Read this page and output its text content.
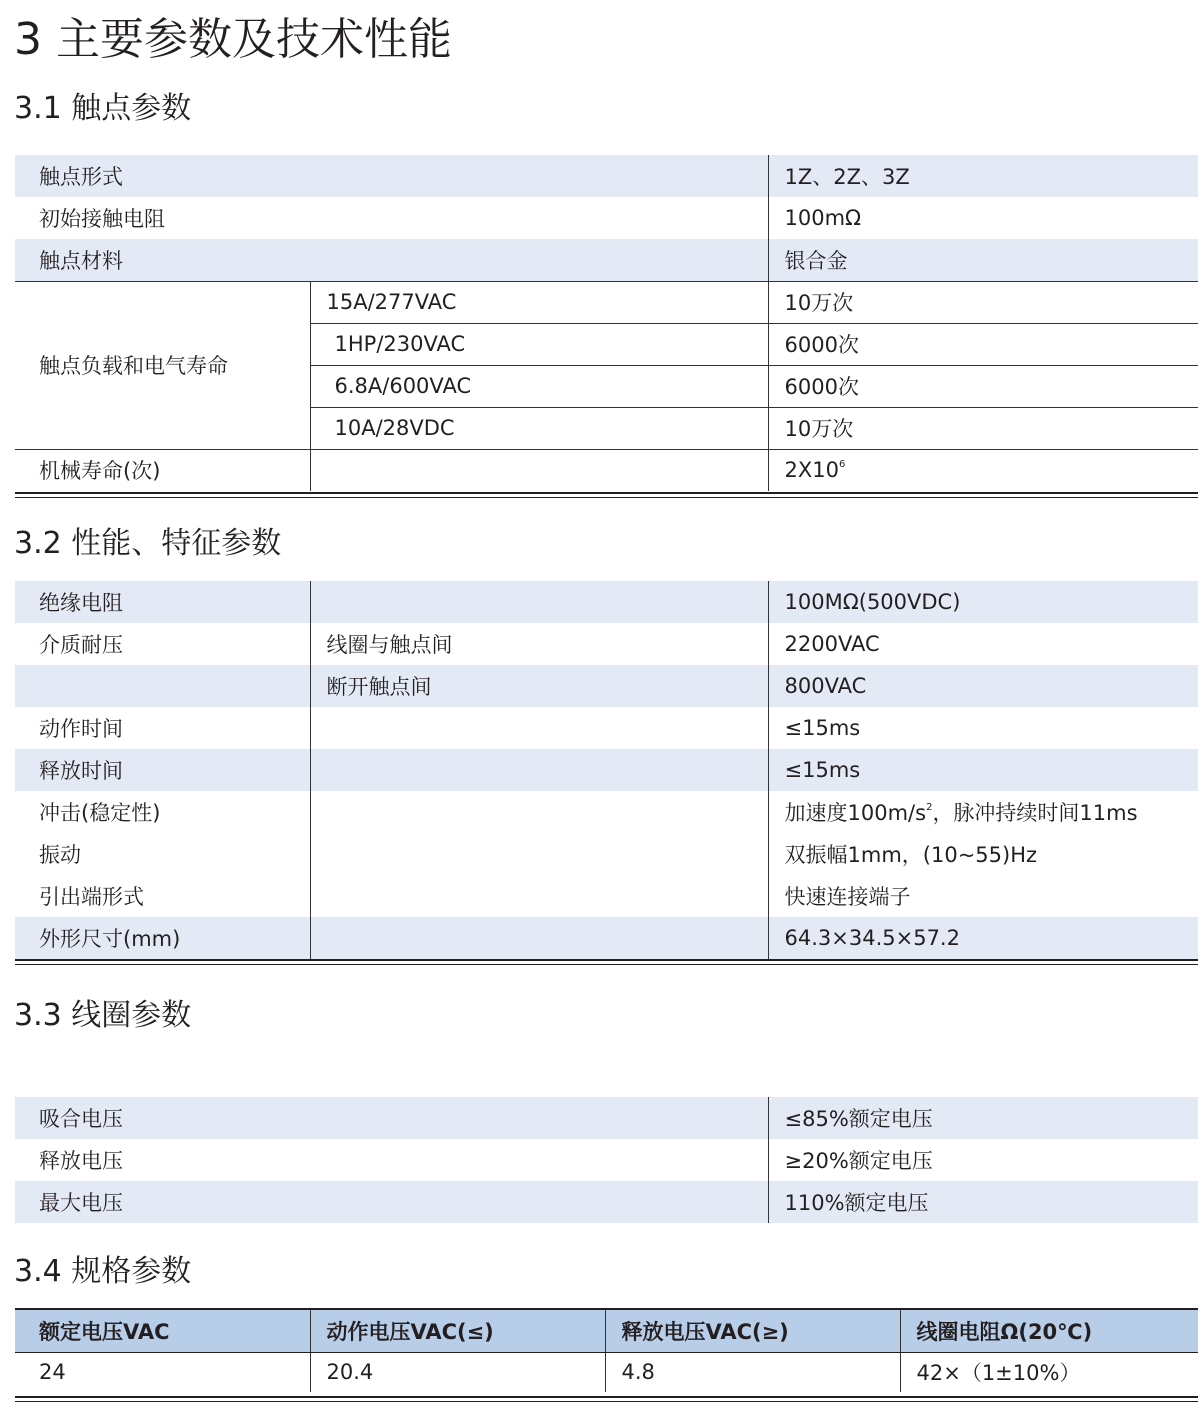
3 主要参数及技术性能
3.1 触点参数
触点形式		1Z、2Z、3Z
初始接触电阻		100mΩ
触点材料		银合金
触点负载和电气寿命	15A/277VAC	10万次
	1HP/230VAC	6000次
	6.8A/600VAC	6000次
	10A/28VDC	10万次
机械寿命(次)		$2X10^6$
3.2 性能、特征参数
绝缘电阻		100MΩ(500VDC)
介质耐压	线圈与触点间	2200VAC
	断开触点间	800VAC
动作时间		≤15ms
释放时间		≤15ms
冲击(稳定性)		加速度$100m/s^2$，脉冲持续时间11ms
振动		双振幅1mm，(10~55)Hz
引出端形式		快速连接端子
外形尺寸(mm)		64.3×34.5×57.2
3.3 线圈参数
吸合电压	≤85%额定电压
释放电压	≥20%额定电压
最大电压	110%额定电压
3.4 规格参数
额定电压VAC	动作电压VAC(≤)	释放电压VAC(≥)	线圈电阻Ω(20℃)
24	20.4	4.8	42×（1±10%）
